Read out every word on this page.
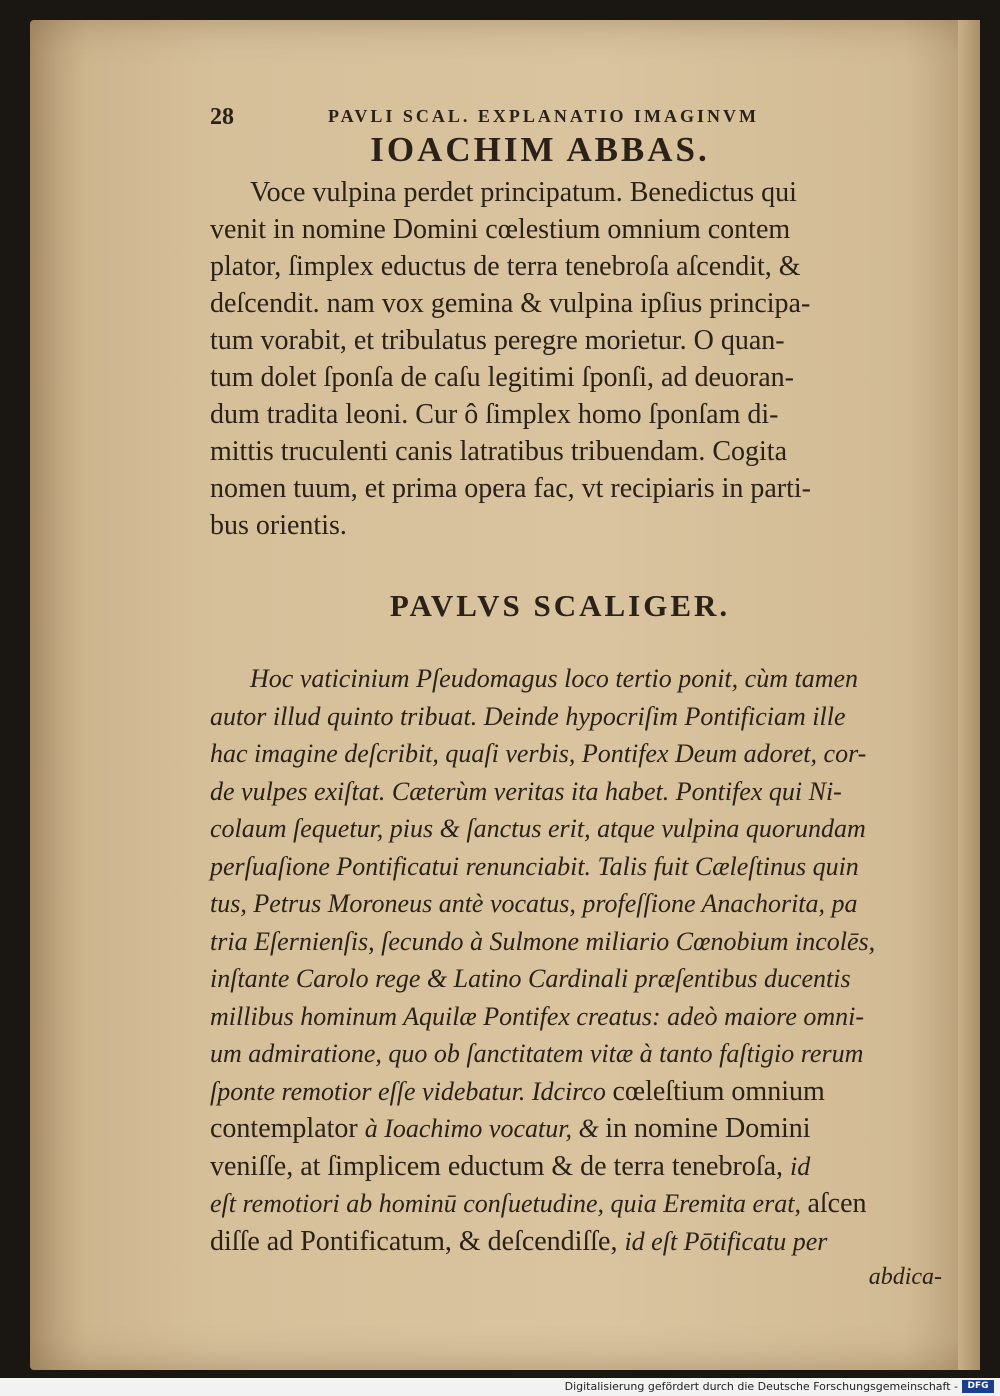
28	PAVLI SCAL. EXPLANATIO IMAGINVM
IOACHIM ABBAS.
Voce vulpina perdet principatum. Benedictus qui
venit in nomine Domini cœlestium omnium contem
plator, ſimplex eductus de terra tenebroſa aſcendit, &
deſcendit. nam vox gemina & vulpina ipſius principa-
tum vorabit, et tribulatus peregre morietur. O quan-
tum dolet ſponſa de caſu legitimi ſponſi, ad deuoran-
dum tradita leoni. Cur ô ſimplex homo ſponſam di-
mittis truculenti canis latratibus tribuendam. Cogita
nomen tuum, et prima opera fac, vt recipiaris in parti-
bus orientis.
PAVLVS SCALIGER.
Hoc vaticinium Pſeudomagus loco tertio ponit, cùm tamen
autor illud quinto tribuat. Deinde hypocriſim Pontificiam ille
hac imagine deſcribit, quaſi verbis, Pontifex Deum adoret, cor-
de vulpes exiſtat. Cæterùm veritas ita habet. Pontifex qui Ni-
colaum ſequetur, pius & ſanctus erit, atque vulpina quorundam
perſuaſione Pontificatui renunciabit. Talis fuit Cæleſtinus quin
tus, Petrus Moroneus antè vocatus, profeſſione Anachorita, pa
tria Eſernienſis, ſecundo à Sulmone miliario Cœnobium incolēs,
inſtante Carolo rege & Latino Cardinali præſentibus ducentis
millibus hominum Aquilæ Pontifex creatus: adeò maiore omni-
um admiratione, quo ob ſanctitatem vitæ à tanto faſtigio rerum
ſponte remotior eſſe videbatur. Idcirco cœleſtium omnium
contemplator à Ioachimo vocatur, & in nomine Domini
veniſſe, at ſimplicem eductum & de terra tenebroſa, id
eſt remotiori ab hominū conſuetudine, quia Eremita erat, aſcen
diſſe ad Pontificatum, & deſcendiſſe, id eſt Pōtificatu per
abdica-
Digitalisierung gefördert durch die Deutsche Forschungsgemeinschaft -	DFG
